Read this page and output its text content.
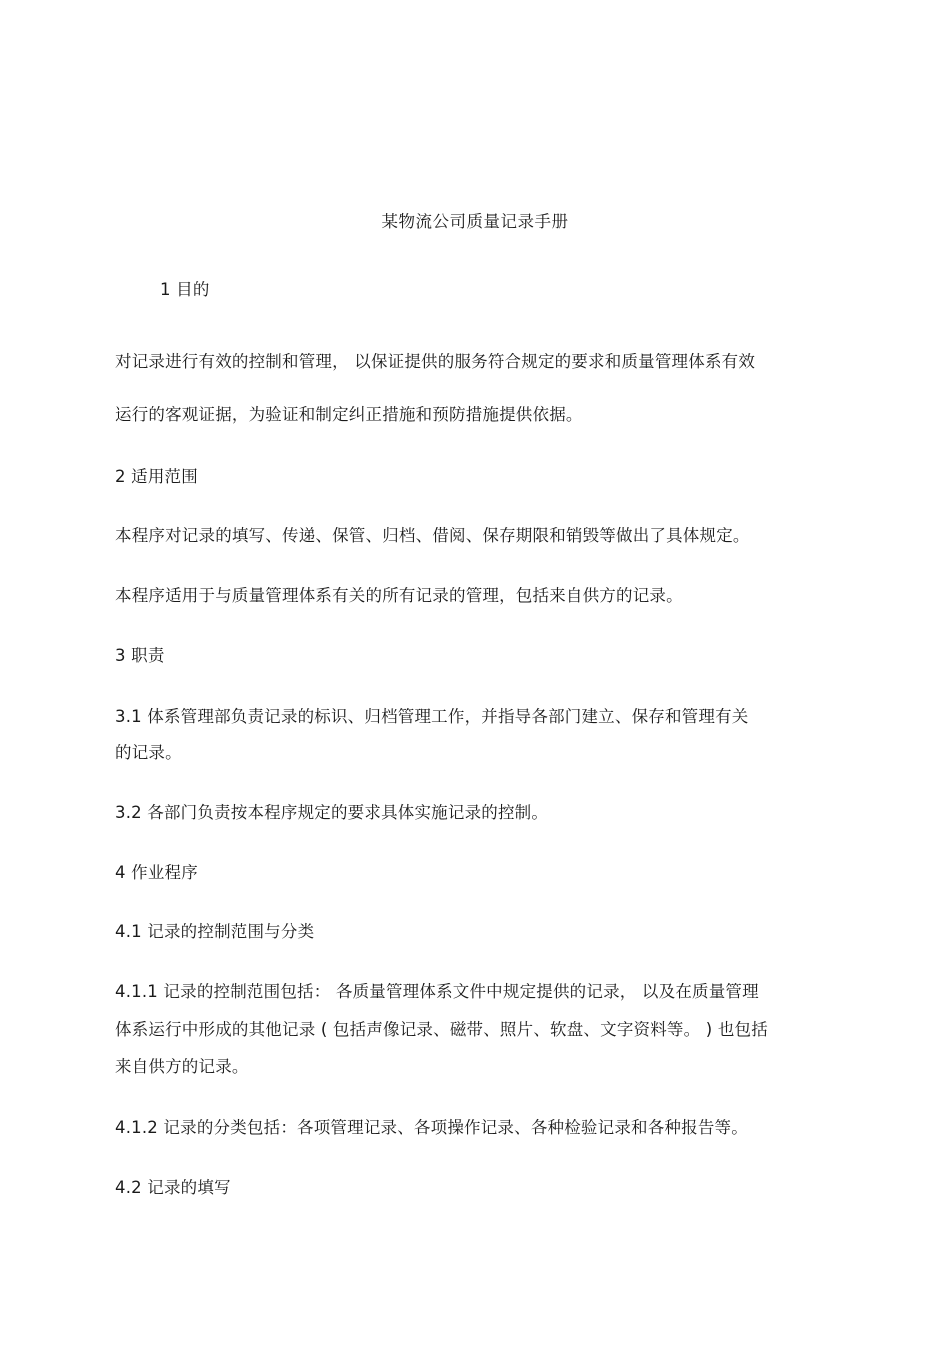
某物流公司质量记录手册
1 目的
对记录进行有效的控制和管理， 以保证提供的服务符合规定的要求和质量管理体系有效
运行的客观证据，为验证和制定纠正措施和预防措施提供依据。
2 适用范围
本程序对记录的填写、传递、保管、归档、借阅、保存期限和销毁等做出了具体规定。
本程序适用于与质量管理体系有关的所有记录的管理，包括来自供方的记录。
3 职责
3.1 体系管理部负责记录的标识、归档管理工作，并指导各部门建立、保存和管理有关
的记录。
3.2 各部门负责按本程序规定的要求具体实施记录的控制。
4 作业程序
4.1 记录的控制范围与分类
4.1.1 记录的控制范围包括： 各质量管理体系文件中规定提供的记录， 以及在质量管理
体系运行中形成的其他记录 ( 包括声像记录、磁带、照片、软盘、文字资料等。 ) 也包括
来自供方的记录。
4.1.2 记录的分类包括：各项管理记录、各项操作记录、各种检验记录和各种报告等。
4.2 记录的填写
